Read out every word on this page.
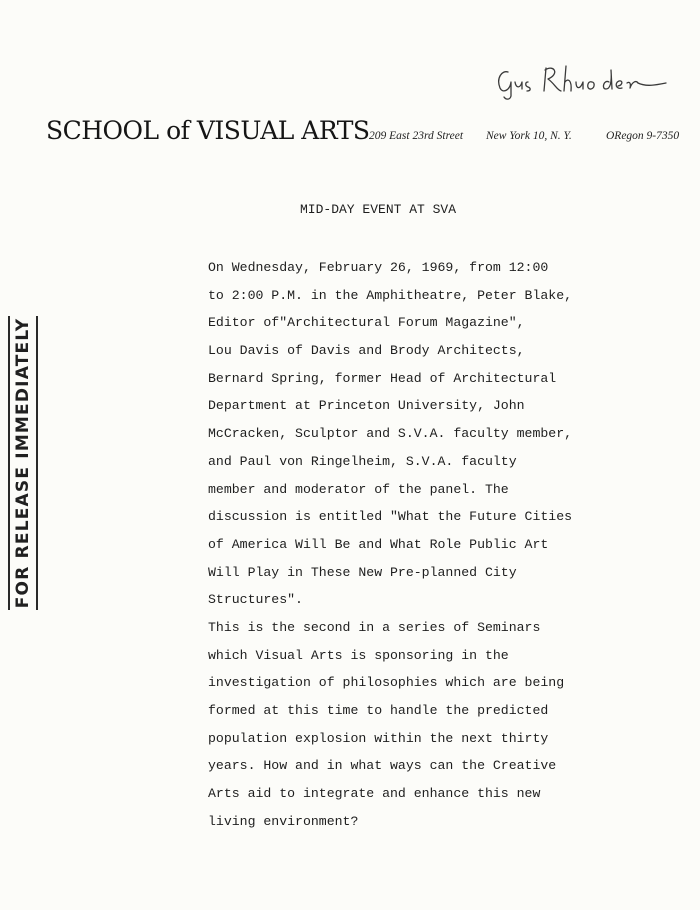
SCHOOL of VISUAL ARTS 209 East 23rd Street New York 10, N. Y.	ORegon 9-7350
FOR RELEASE IMMEDIATELY
MID-DAY EVENT AT SVA
On Wednesday, February 26, 1969, from 12:00
to 2:00 P.M. in the Amphitheatre, Peter Blake,
Editor of"Architectural Forum Magazine",
Lou Davis of Davis and Brody Architects,
Bernard Spring, former Head of Architectural
Department at Princeton University, John
McCracken, Sculptor and S.V.A. faculty member,
and Paul von Ringelheim, S.V.A. faculty
member and moderator of the panel. The
discussion is entitled "What the Future Cities
of America Will Be and What Role Public Art
Will Play in These New Pre-planned City
Structures".
This is the second in a series of Seminars
which Visual Arts is sponsoring in the
investigation of philosophies which are being
formed at this time to handle the predicted
population explosion within the next thirty
years. How and in what ways can the Creative
Arts aid to integrate and enhance this new
living environment?
